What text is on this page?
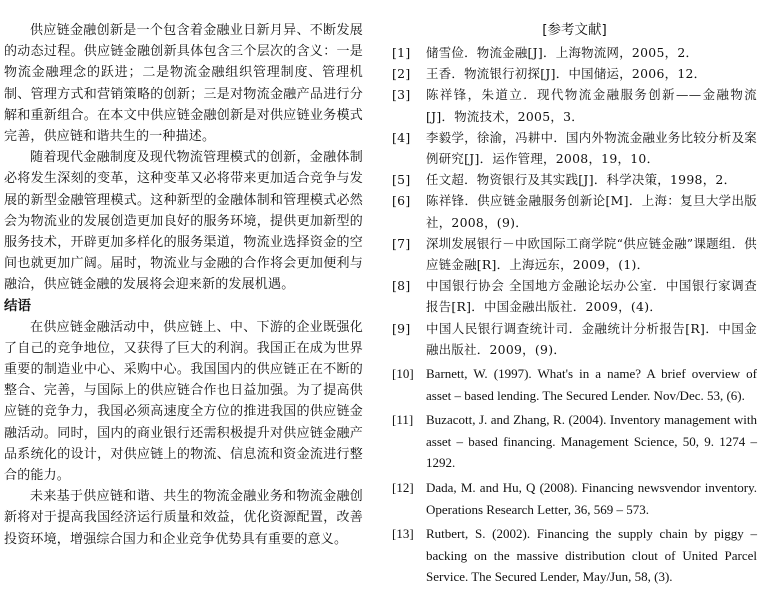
供应链金融创新是一个包含着金融业日新月异、不断发展的动态过程。供应链金融创新具体包含三个层次的含义：一是物流金融理念的跃进；二是物流金融组织管理制度、管理机制、管理方式和营销策略的创新；三是对物流金融产品进行分解和重新组合。在本文中供应链金融创新是对供应链业务模式完善，供应链和谐共生的一种描述。

随着现代金融制度及现代物流管理模式的创新，金融体制必将发生深刻的变革，这种变革又必将带来更加适合竞争与发展的新型金融管理模式。这种新型的金融体制和管理模式必然会为物流业的发展创造更加良好的服务环境，提供更加新型的服务技术，开辟更加多样化的服务渠道，物流业选择资金的空间也就更加广阔。届时，物流业与金融的合作将会更加便利与融洽，供应链金融的发展将会迎来新的发展机遇。

结语

在供应链金融活动中，供应链上、中、下游的企业既强化了自己的竞争地位，又获得了巨大的利润。我国正在成为世界重要的制造业中心、采购中心。我国国内的供应链正在不断的整合、完善，与国际上的供应链合作也日益加强。为了提高供应链的竞争力，我国必须高速度全方位的推进我国的供应链金融活动。同时，国内的商业银行还需积极提升对供应链金融产品系统化的设计，对供应链上的物流、信息流和资金流进行整合的能力。

未来基于供应链和谐、共生的物流金融业务和物流金融创新将对于提高我国经济运行质量和效益，优化资源配置，改善投资环境，增强综合国力和企业竞争优势具有重要的意义。

[参考文献]
[1]	储雪俭．物流金融[J]．上海物流网，2005，2．
[2]	王香．物流银行初探[J]．中国储运，2006，12．
[3]	陈祥锋，朱道立．现代物流金融服务创新——金融物流[J]．物流技术，2005，3．
[4]	李毅学，徐渝，冯耕中．国内外物流金融业务比较分析及案例研究[J]．运作管理，2008，19，10．
[5]	任文超．物资银行及其实践[J]．科学决策，1998，2．
[6]	陈祥锋．供应链金融服务创新论[M]．上海：复旦大学出版社，2008，(9)．
[7]	深圳发展银行－中欧国际工商学院“供应链金融”课题组．供应链金融[R]．上海远东，2009，(1)．
[8]	中国银行协会 全国地方金融论坛办公室．中国银行家调查报告[R]．中国金融出版社．2009，(4)．
[9]	中国人民银行调查统计司．金融统计分析报告[R]．中国金融出版社．2009，(9)．
[10] Barnett, W. (1997). What's in a name? A brief overview of asset – based lending. The Secured Lender. Nov/Dec. 53, (6).
[11] Buzacott, J. and Zhang, R. (2004). Inventory management with asset – based financing. Management Science, 50, 9. 1274 – 1292.
[12] Dada, M. and Hu, Q (2008). Financing newsvendor inventory. Operations Research Letter, 36, 569 – 573.
[13] Rutbert, S. (2002). Financing the supply chain by piggy – backing on the massive distribution clout of United Parcel Service. The Secured Lender, May/Jun, 58, (3).
